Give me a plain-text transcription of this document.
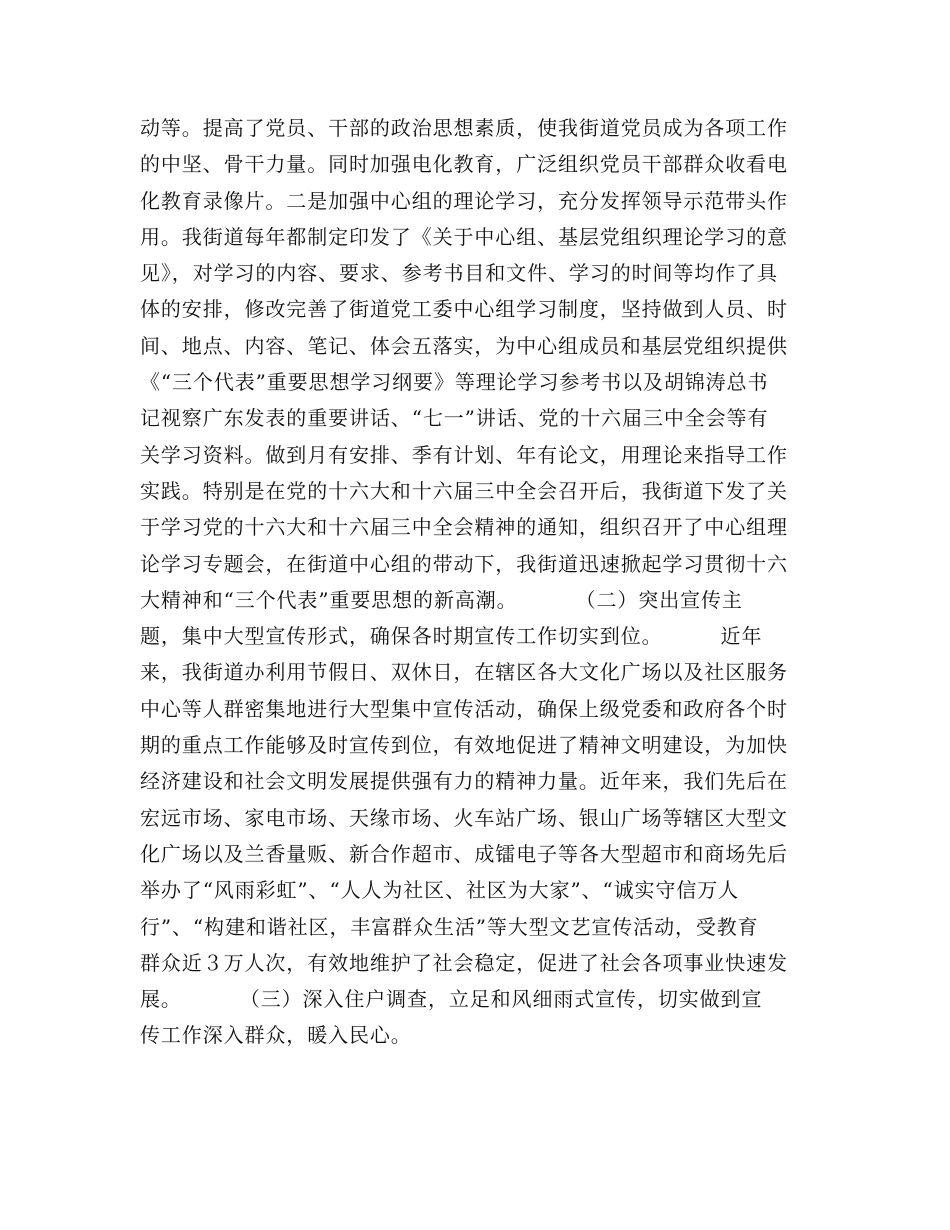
动等。提高了党员、干部的政治思想素质，使我街道党员成为各项工作
的中坚、骨干力量。同时加强电化教育，广泛组织党员干部群众收看电
化教育录像片。二是加强中心组的理论学习，充分发挥领导示范带头作
用。我街道每年都制定印发了《关于中心组、基层党组织理论学习的意
见》，对学习的内容、要求、参考书目和文件、学习的时间等均作了具
体的安排，修改完善了街道党工委中心组学习制度，坚持做到人员、时
间、地点、内容、笔记、体会五落实，为中心组成员和基层党组织提供
《“三个代表”重要思想学习纲要》等理论学习参考书以及胡锦涛总书
记视察广东发表的重要讲话、“七一”讲话、党的十六届三中全会等有
关学习资料。做到月有安排、季有计划、年有论文，用理论来指导工作
实践。特别是在党的十六大和十六届三中全会召开后，我街道下发了关
于学习党的十六大和十六届三中全会精神的通知，组织召开了中心组理
论学习专题会，在街道中心组的带动下，我街道迅速掀起学习贯彻十六
大精神和“三个代表”重要思想的新高潮。        （二）突出宣传主
题，集中大型宣传形式，确保各时期宣传工作切实到位。        近年
来，我街道办利用节假日、双休日，在辖区各大文化广场以及社区服务
中心等人群密集地进行大型集中宣传活动，确保上级党委和政府各个时
期的重点工作能够及时宣传到位，有效地促进了精神文明建设，为加快
经济建设和社会文明发展提供强有力的精神力量。近年来，我们先后在
宏远市场、家电市场、天缘市场、火车站广场、银山广场等辖区大型文
化广场以及兰香量贩、新合作超市、成镭电子等各大型超市和商场先后
举办了“风雨彩虹”、“人人为社区、社区为大家”、“诚实守信万人
行”、“构建和谐社区，丰富群众生活”等大型文艺宣传活动，受教育
群众近３万人次，有效地维护了社会稳定，促进了社会各项事业快速发
展。        （三）深入住户调查，立足和风细雨式宣传，切实做到宣
传工作深入群众，暖入民心。
